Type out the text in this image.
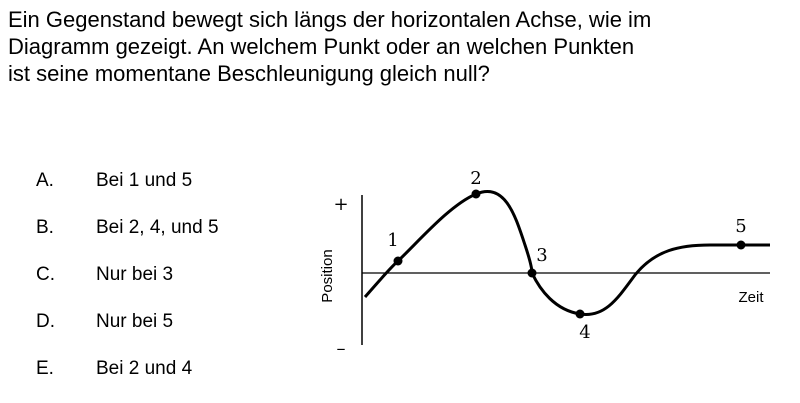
Ein Gegenstand bewegt sich längs der horizontalen Achse, wie im
Diagramm gezeigt. An welchem Punkt oder an welchen Punkten
ist seine momentane Beschleunigung gleich null?
A. Bei 1 und 5
B. Bei 2, 4, und 5
C. Nur bei 3
D. Nur bei 5
E. Bei 2 und 4
+
–
Position	Zeit
1
2
3
4
5
